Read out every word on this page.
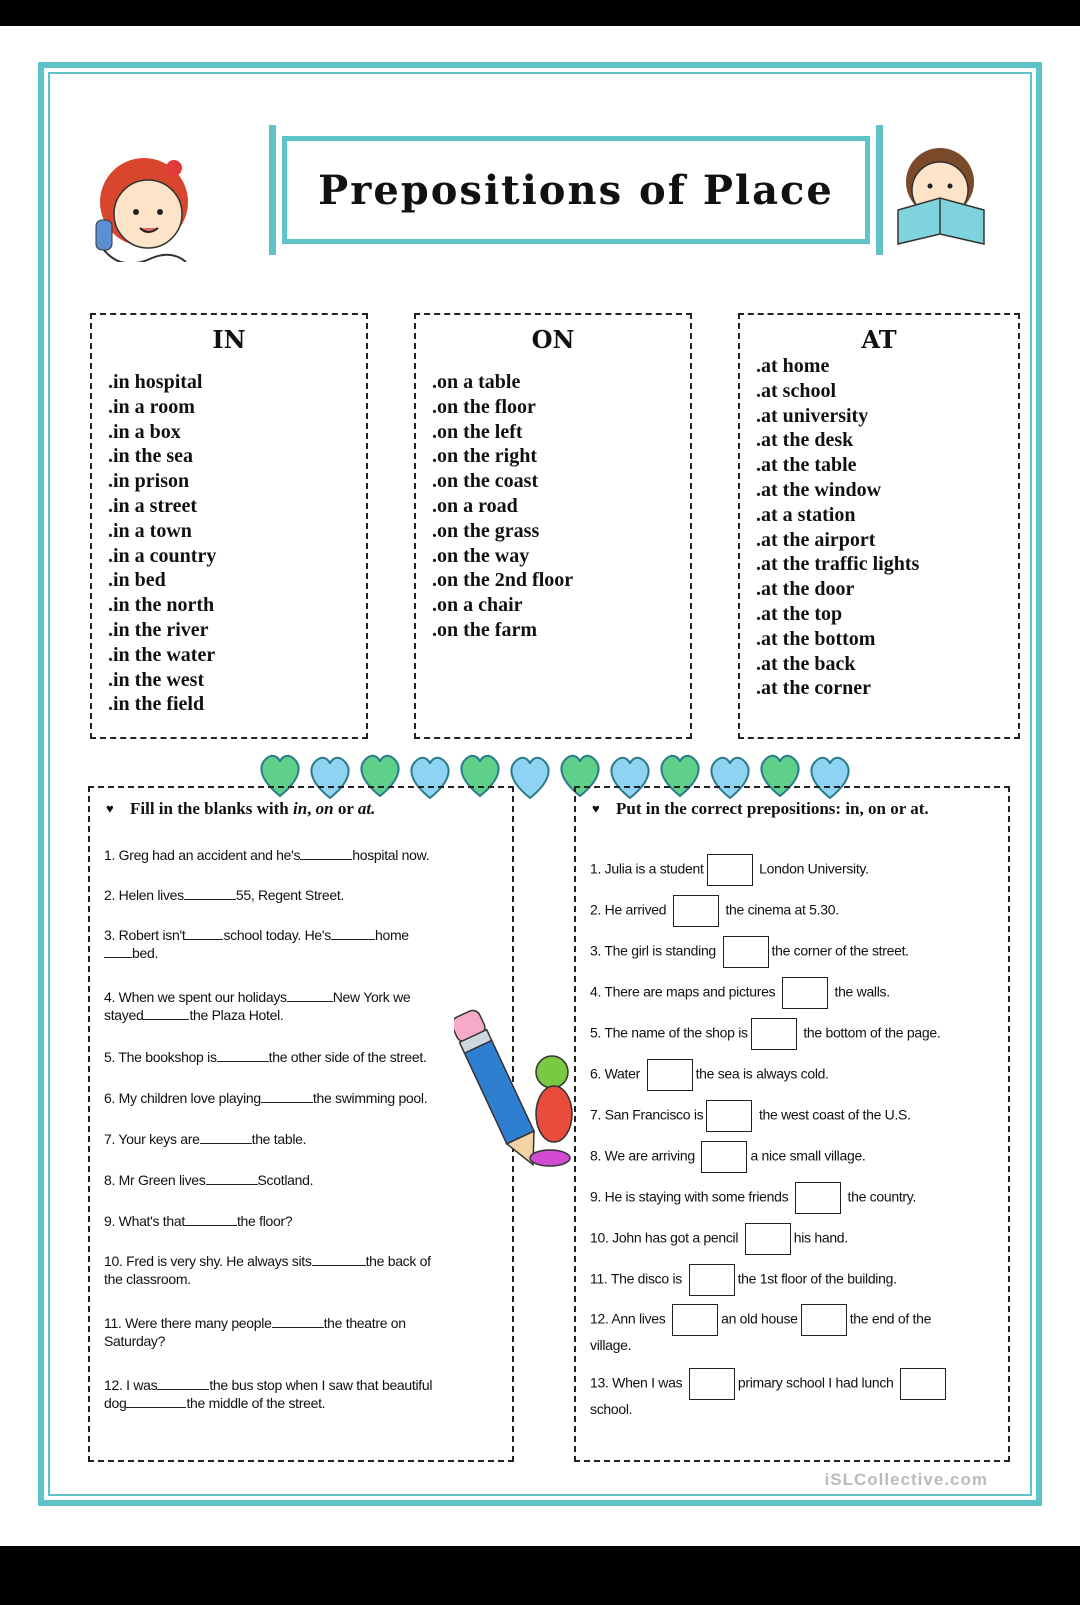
Prepositions of Place
IN
.in hospital
.in a room
.in a box
.in the sea
.in prison
.in a street
.in a town
.in a country
.in bed
.in the north
.in the river
.in the water
.in the west
.in the field
ON
.on a table
.on the floor
.on the left
.on the right
.on the coast
.on a road
.on the grass
.on the way
.on the 2nd floor
.on a chair
.on the farm
AT
.at home
.at school
.at university
.at the desk
.at the table
.at the window
.at a station
.at the airport
.at the traffic lights
.at the door
.at the top
.at the bottom
.at the back
.at the corner
♥ Fill in the blanks with in, on or at.
1. Greg had an accident and he's	hospital now.
2. Helen lives	55, Regent Street.
3. Robert isn't	school today. He's	home
bed.
4. When we spent our holidays	New York we
stayed	the Plaza Hotel.
5. The bookshop is	the other side of the street.
6. My children love playing	the swimming pool.
7. Your keys are	the table.
8. Mr Green lives	Scotland.
9. What's that	the floor?
10. Fred is very shy. He always sits	the back of
the classroom.
11. Were there many people	the theatre on
Saturday?
12. I was	the bus stop when I saw that beautiful
dog	the middle of the street.
♥ Put in the correct prepositions: in, on or at.
1. Julia is a student	London University.
2. He arrived	the cinema at 5.30.
3. The girl is standing	the corner of the street.
4. There are maps and pictures	the walls.
5. The name of the shop is	the bottom of the page.
6. Water	the sea is always cold.
7. San Francisco is	the west coast of the U.S.
8. We are arriving	a nice small village.
9. He is staying with some friends	the country.
10. John has got a pencil	his hand.
11. The disco is	the 1st floor of the building.
12. Ann lives	an old house	the end of the
village.
13. When I was	primary school I had lunch
school.
iSLCollective.com
